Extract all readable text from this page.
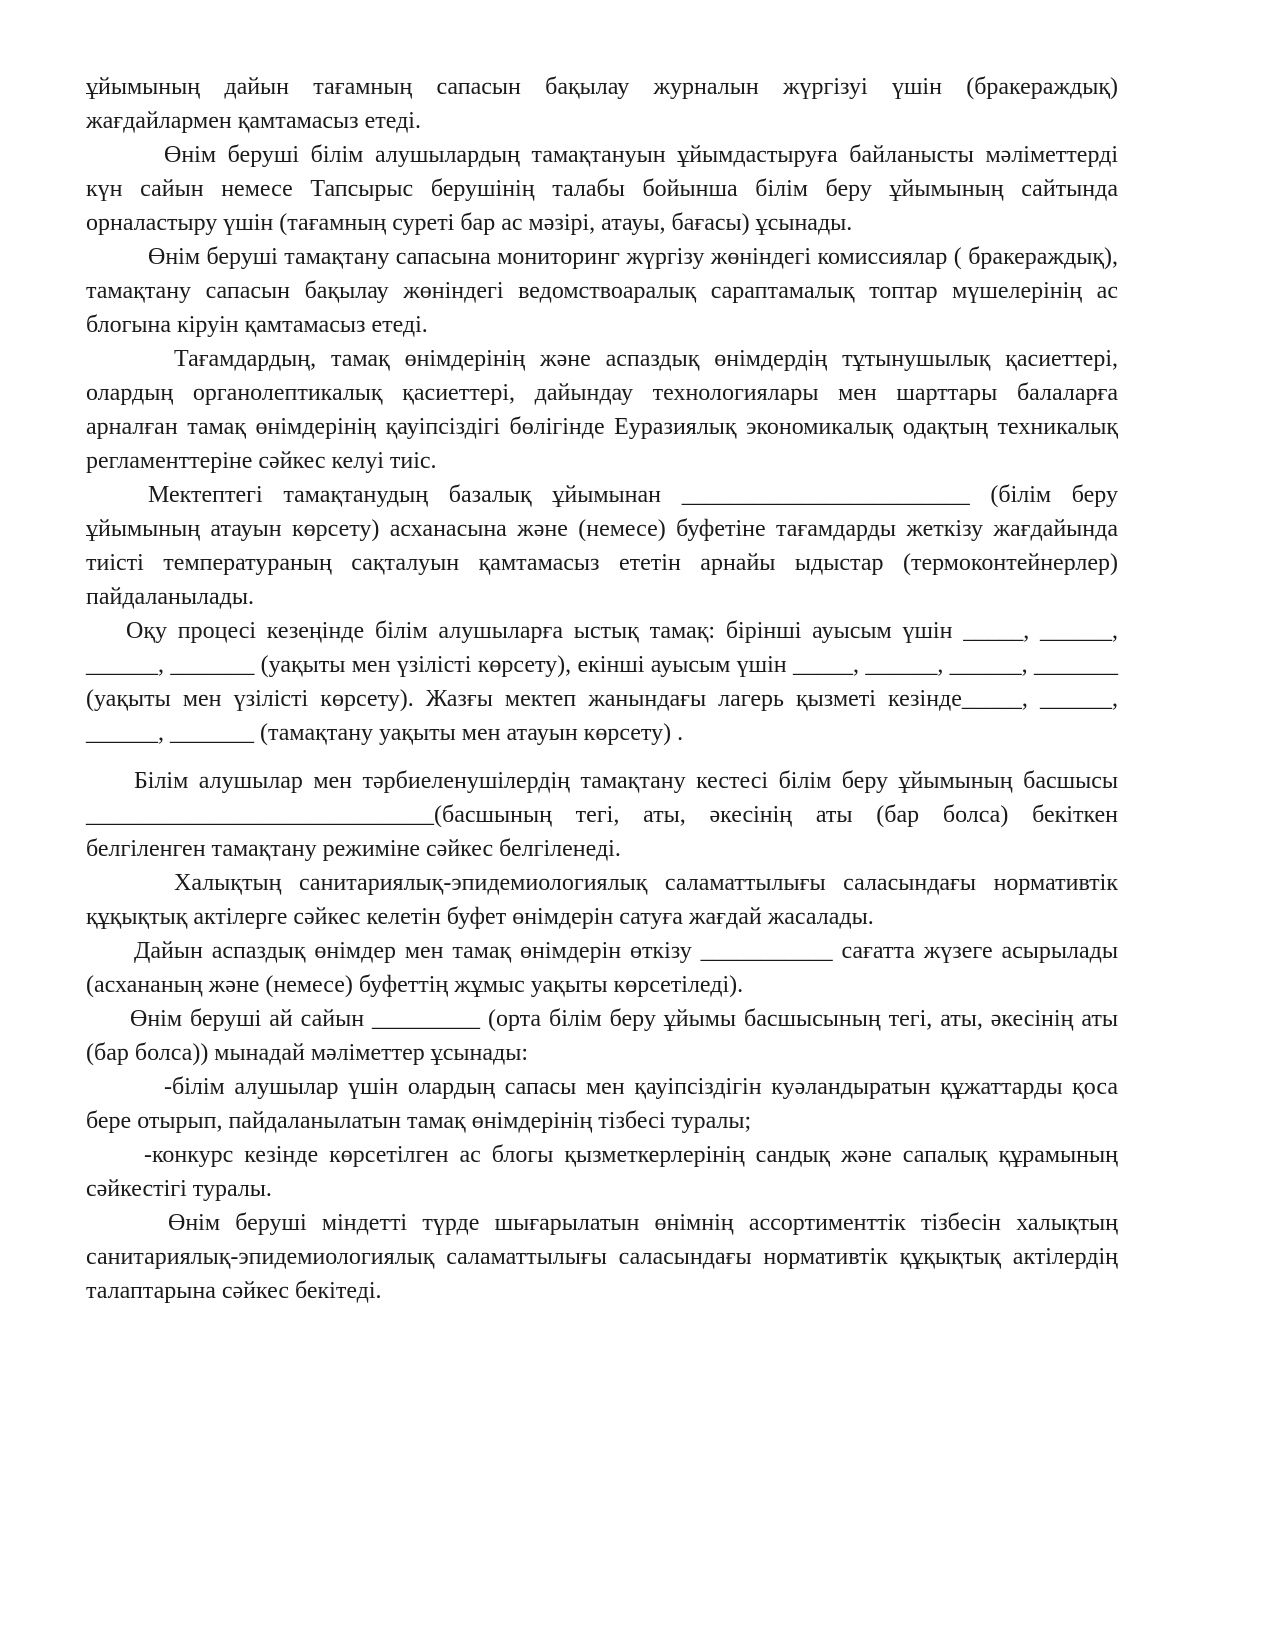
ұйымының дайын тағамның сапасын бақылау журналын жүргізуі үшін (бракераждық) жағдайлармен қамтамасыз етеді.

Өнім беруші білім алушылардың тамақтануын ұйымдастыруға байланысты мәліметтерді күн сайын немесе Тапсырыс берушінің талабы бойынша білім беру ұйымының сайтында орналастыру үшін (тағамның суреті бар ас мәзірі, атауы, бағасы) ұсынады.

Өнім беруші тамақтану сапасына мониторинг жүргізу жөніндегі комиссиялар ( бракераждық), тамақтану сапасын бақылау жөніндегі ведомствоаралық сараптамалық топтар мүшелерінің ас блогына кіруін қамтамасыз етеді.

Тағамдардың, тамақ өнімдерінің және аспаздық өнімдердің тұтынушылық қасиеттері, олардың органолептикалық қасиеттері, дайындау технологиялары мен шарттары балаларға арналған тамақ өнімдерінің қауіпсіздігі бөлігінде Еуразиялық экономикалық одақтың техникалық регламенттеріне сәйкес келуі тиіс.

Мектептегі тамақтанудың базалық ұйымынан ________________________ (білім беру ұйымының атауын көрсету) асханасына және (немесе) буфетіне тағамдарды жеткізу жағдайында тиісті температураның сақталуын қамтамасыз ететін арнайы ыдыстар (термоконтейнерлер) пайдаланылады.

Оқу процесі кезеңінде білім алушыларға ыстық тамақ: бірінші ауысым үшін _____, ______, ______, _______ (уақыты мен үзілісті көрсету), екінші ауысым үшін _____, ______, ______, _______ (уақыты мен үзілісті көрсету). Жазғы мектеп жанындағы лагерь қызметі кезінде_____, ______, ______, _______ (тамақтану уақыты мен атауын көрсету) .

Білім алушылар мен тәрбиеленушілердің тамақтану кестесі білім беру ұйымының басшысы _____________________________(басшының тегі, аты, әкесінің аты (бар болса) бекіткен белгіленген тамақтану режиміне сәйкес белгіленеді.

Халықтың санитариялық-эпидемиологиялық саламаттылығы саласындағы нормативтік құқықтық актілерге сәйкес келетін буфет өнімдерін сатуға жағдай жасалады.

Дайын аспаздық өнімдер мен тамақ өнімдерін өткізу ___________ сағатта жүзеге асырылады (асхананың және (немесе) буфеттің жұмыс уақыты көрсетіледі).

Өнім беруші ай сайын _________ (орта білім беру ұйымы басшысының тегі, аты, әкесінің аты (бар болса)) мынадай мәліметтер ұсынады:

-білім алушылар үшін олардың сапасы мен қауіпсіздігін куәландыратын құжаттарды қоса бере отырып, пайдаланылатын тамақ өнімдерінің тізбесі туралы;

-конкурс кезінде көрсетілген ас блогы қызметкерлерінің сандық және сапалық құрамының сәйкестігі туралы.

Өнім беруші міндетті түрде шығарылатын өнімнің ассортименттік тізбесін халықтың санитариялық-эпидемиологиялық саламаттылығы саласындағы нормативтік құқықтық актілердің талаптарына сәйкес бекітеді.
